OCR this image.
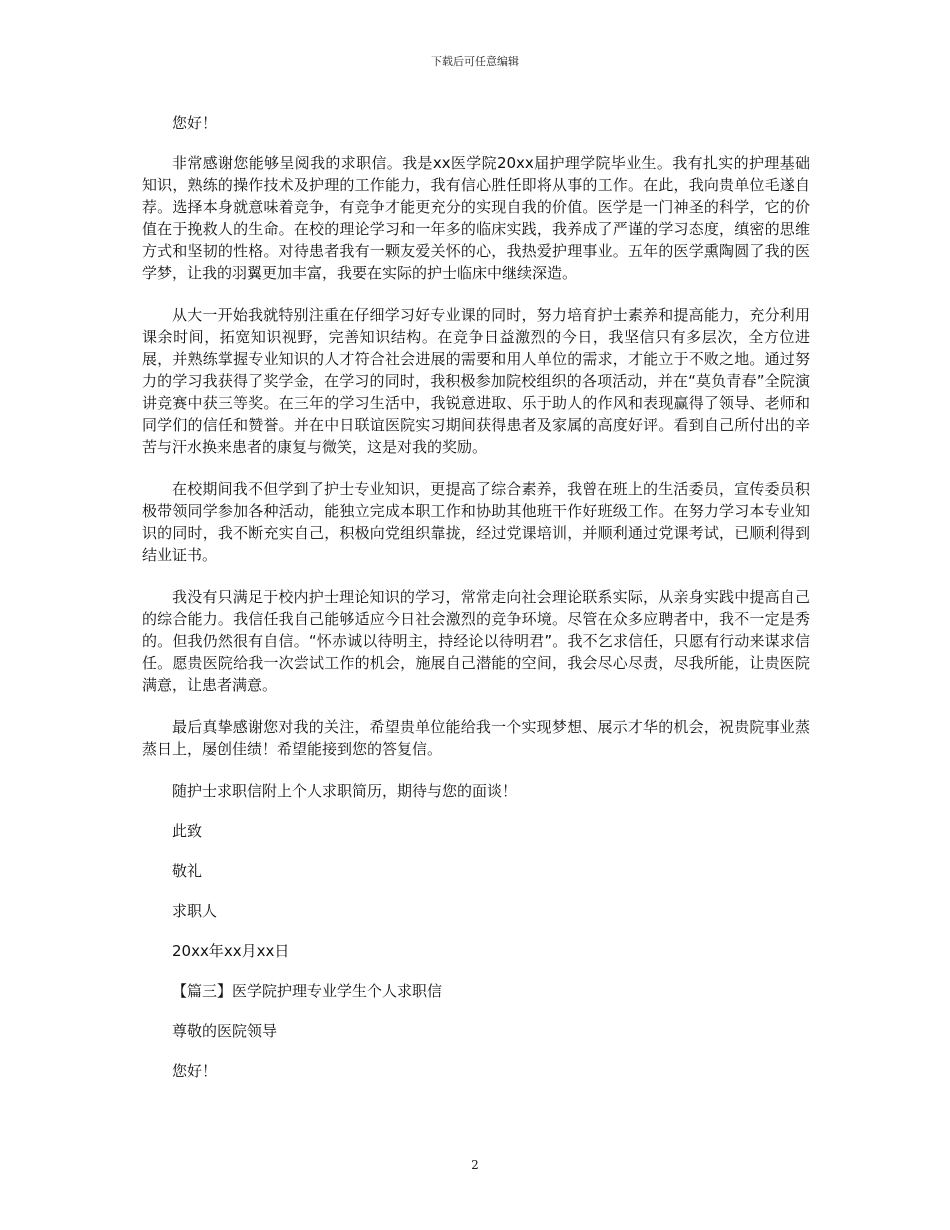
下载后可任意编辑
您好！

非常感谢您能够呈阅我的求职信。我是xx医学院20xx届护理学院毕业生。我有扎实的护理基础知识，熟练的操作技术及护理的工作能力，我有信心胜任即将从事的工作。在此，我向贵单位毛遂自荐。选择本身就意味着竞争，有竞争才能更充分的实现自我的价值。医学是一门神圣的科学，它的价值在于挽救人的生命。在校的理论学习和一年多的临床实践，我养成了严谨的学习态度，缜密的思维方式和坚韧的性格。对待患者我有一颗友爱关怀的心，我热爱护理事业。五年的医学熏陶圆了我的医学梦，让我的羽翼更加丰富，我要在实际的护士临床中继续深造。

从大一开始我就特别注重在仔细学习好专业课的同时，努力培育护士素养和提高能力，充分利用课余时间，拓宽知识视野，完善知识结构。在竞争日益激烈的今日，我坚信只有多层次，全方位进展，并熟练掌握专业知识的人才符合社会进展的需要和用人单位的需求，才能立于不败之地。通过努力的学习我获得了奖学金，在学习的同时，我积极参加院校组织的各项活动，并在“莫负青春”全院演讲竞赛中获三等奖。在三年的学习生活中，我锐意进取、乐于助人的作风和表现赢得了领导、老师和同学们的信任和赞誉。并在中日联谊医院实习期间获得患者及家属的高度好评。看到自己所付出的辛苦与汗水换来患者的康复与微笑，这是对我的奖励。

在校期间我不但学到了护士专业知识，更提高了综合素养，我曾在班上的生活委员，宣传委员积极带领同学参加各种活动，能独立完成本职工作和协助其他班干作好班级工作。在努力学习本专业知识的同时，我不断充实自己，积极向党组织靠拢，经过党课培训，并顺利通过党课考试，已顺利得到结业证书。

我没有只满足于校内护士理论知识的学习，常常走向社会理论联系实际，从亲身实践中提高自己的综合能力。我信任我自己能够适应今日社会激烈的竞争环境。尽管在众多应聘者中，我不一定是秀的。但我仍然很有自信。“怀赤诚以待明主，持经论以待明君”。我不乞求信任，只愿有行动来谋求信任。愿贵医院给我一次尝试工作的机会，施展自己潜能的空间，我会尽心尽责，尽我所能，让贵医院满意，让患者满意。

最后真挚感谢您对我的关注，希望贵单位能给我一个实现梦想、展示才华的机会，祝贵院事业蒸蒸日上，屡创佳绩！希望能接到您的答复信。

随护士求职信附上个人求职简历，期待与您的面谈！
此致
敬礼
求职人
20xx年xx月xx日
【篇三】医学院护理专业学生个人求职信
尊敬的医院领导
您好！
2
